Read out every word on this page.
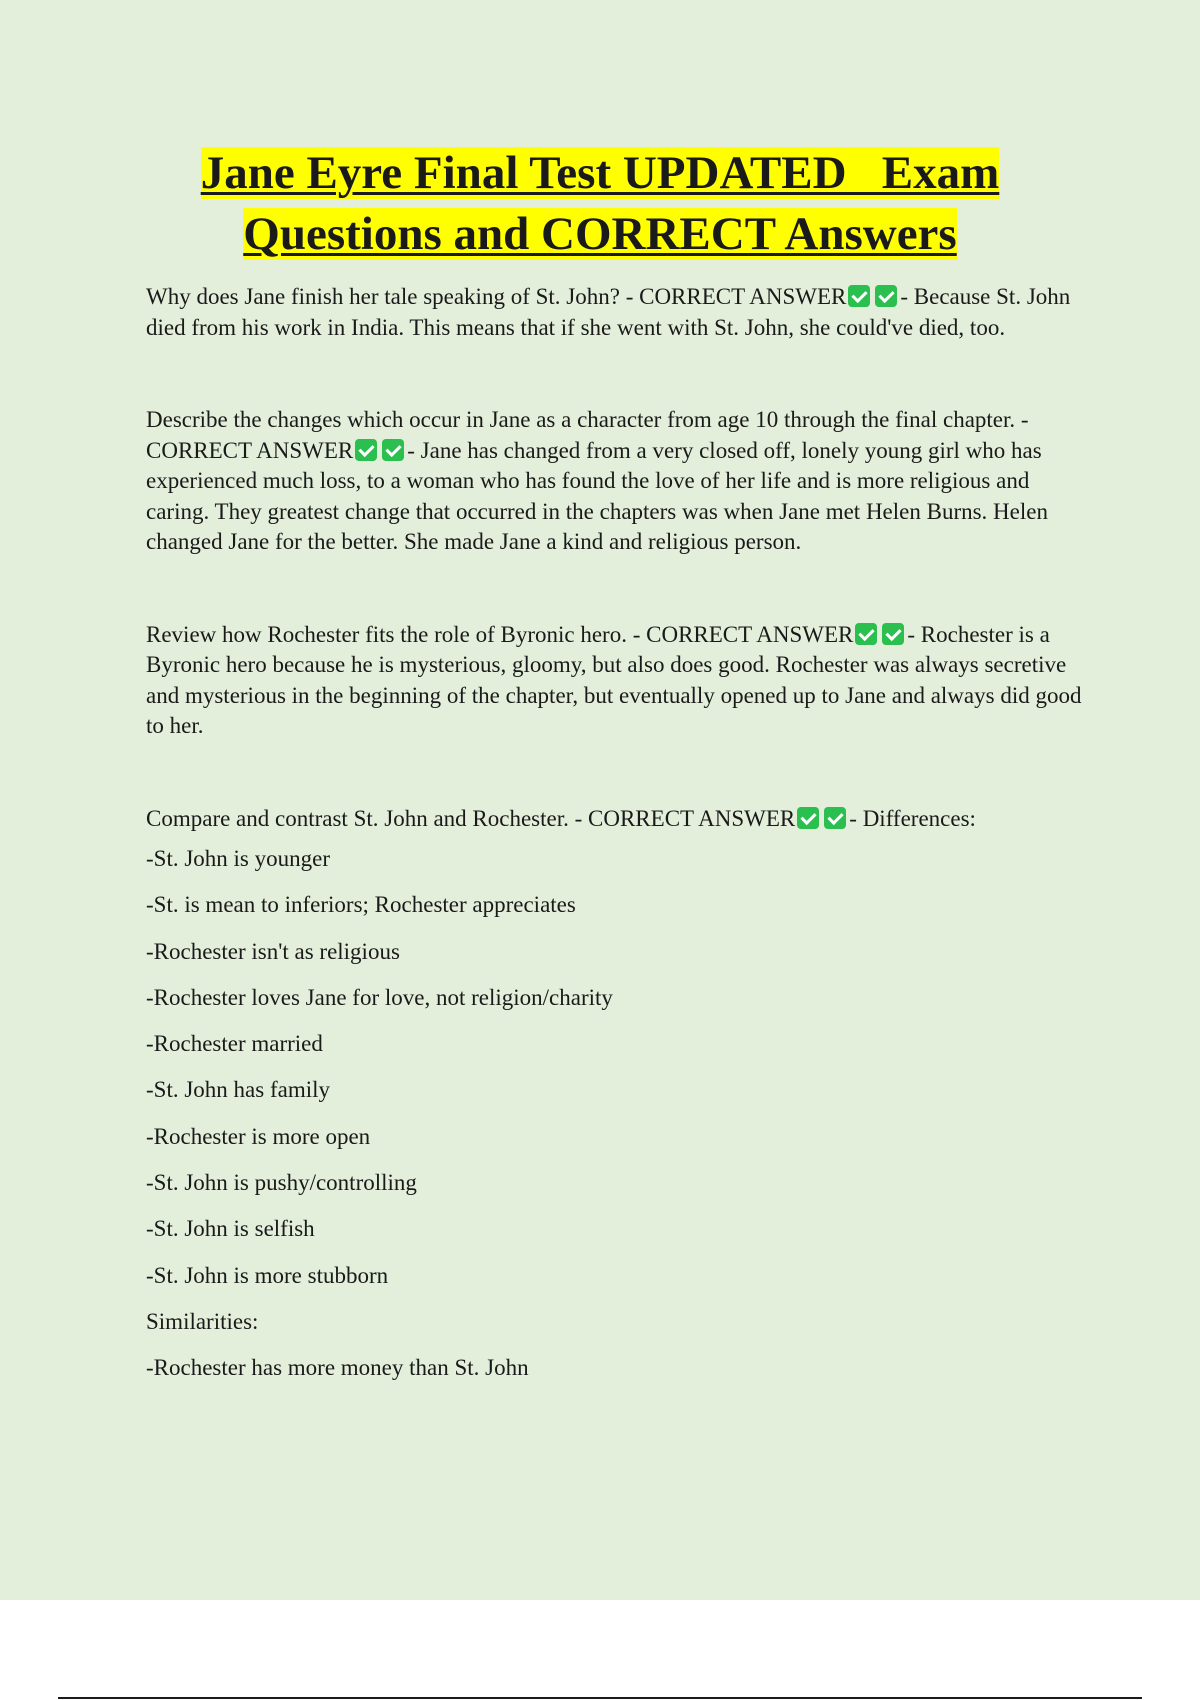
Jane Eyre Final Test UPDATED   Exam
Questions and CORRECT Answers

Why does Jane finish her tale speaking of St. John? - CORRECT ANSWER - Because St. John died from his work in India. This means that if she went with St. John, she could've died, too.

Describe the changes which occur in Jane as a character from age 10 through the final chapter. - CORRECT ANSWER - Jane has changed from a very closed off, lonely young girl who has experienced much loss, to a woman who has found the love of her life and is more religious and caring. They greatest change that occurred in the chapters was when Jane met Helen Burns. Helen changed Jane for the better. She made Jane a kind and religious person.

Review how Rochester fits the role of Byronic hero. - CORRECT ANSWER - Rochester is a Byronic hero because he is mysterious, gloomy, but also does good. Rochester was always secretive and mysterious in the beginning of the chapter, but eventually opened up to Jane and always did good to her.

Compare and contrast St. John and Rochester. - CORRECT ANSWER - Differences:

-St. John is younger
-St. is mean to inferiors; Rochester appreciates
-Rochester isn't as religious
-Rochester loves Jane for love, not religion/charity
-Rochester married
-St. John has family
-Rochester is more open
-St. John is pushy/controlling
-St. John is selfish
-St. John is more stubborn
Similarities:
-Rochester has more money than St. John
